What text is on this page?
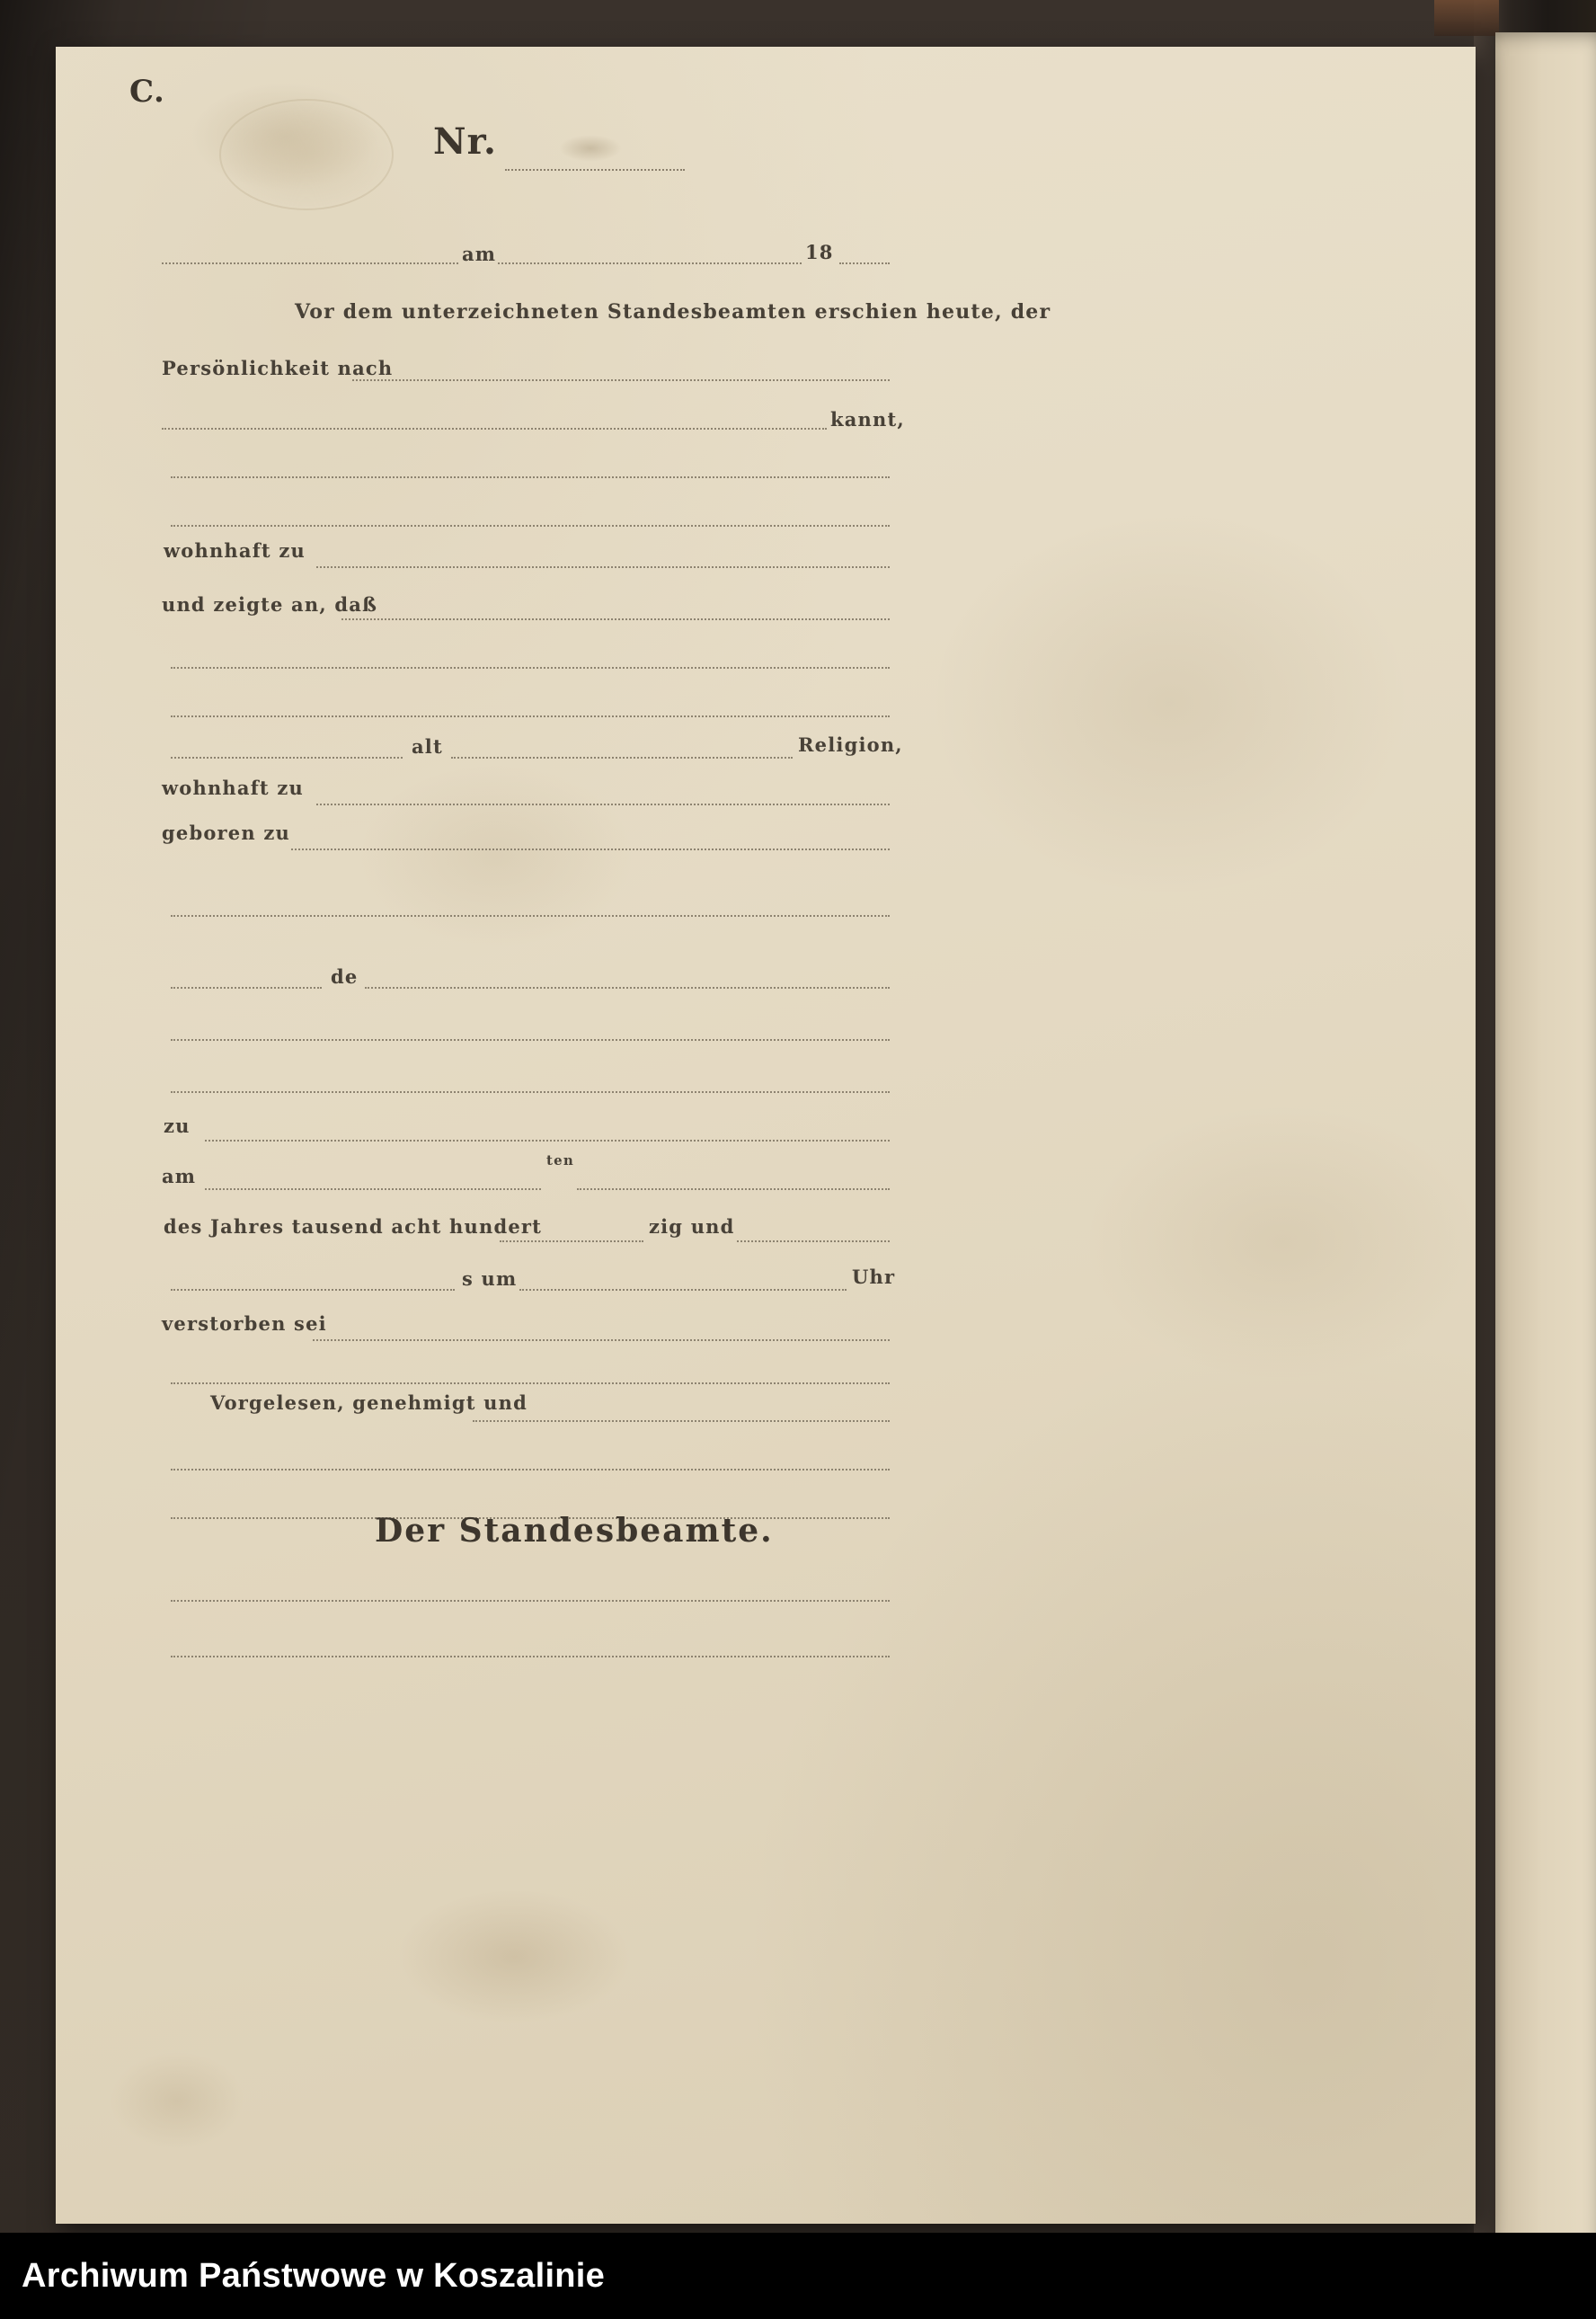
C.
Nr.
am	18
Vor dem unterzeichneten Standesbeamten erschien heute, der
Persönlichkeit nach
kannt,
wohnhaft zu
und zeigte an, daß
alt	Religion,
wohnhaft zu
geboren zu
de
zu
am
ten
des Jahres tausend acht hundert	zig und
s um	Uhr
verstorben sei
Vorgelesen, genehmigt und
Der Standesbeamte.
Archiwum Państwowe w Koszalinie
